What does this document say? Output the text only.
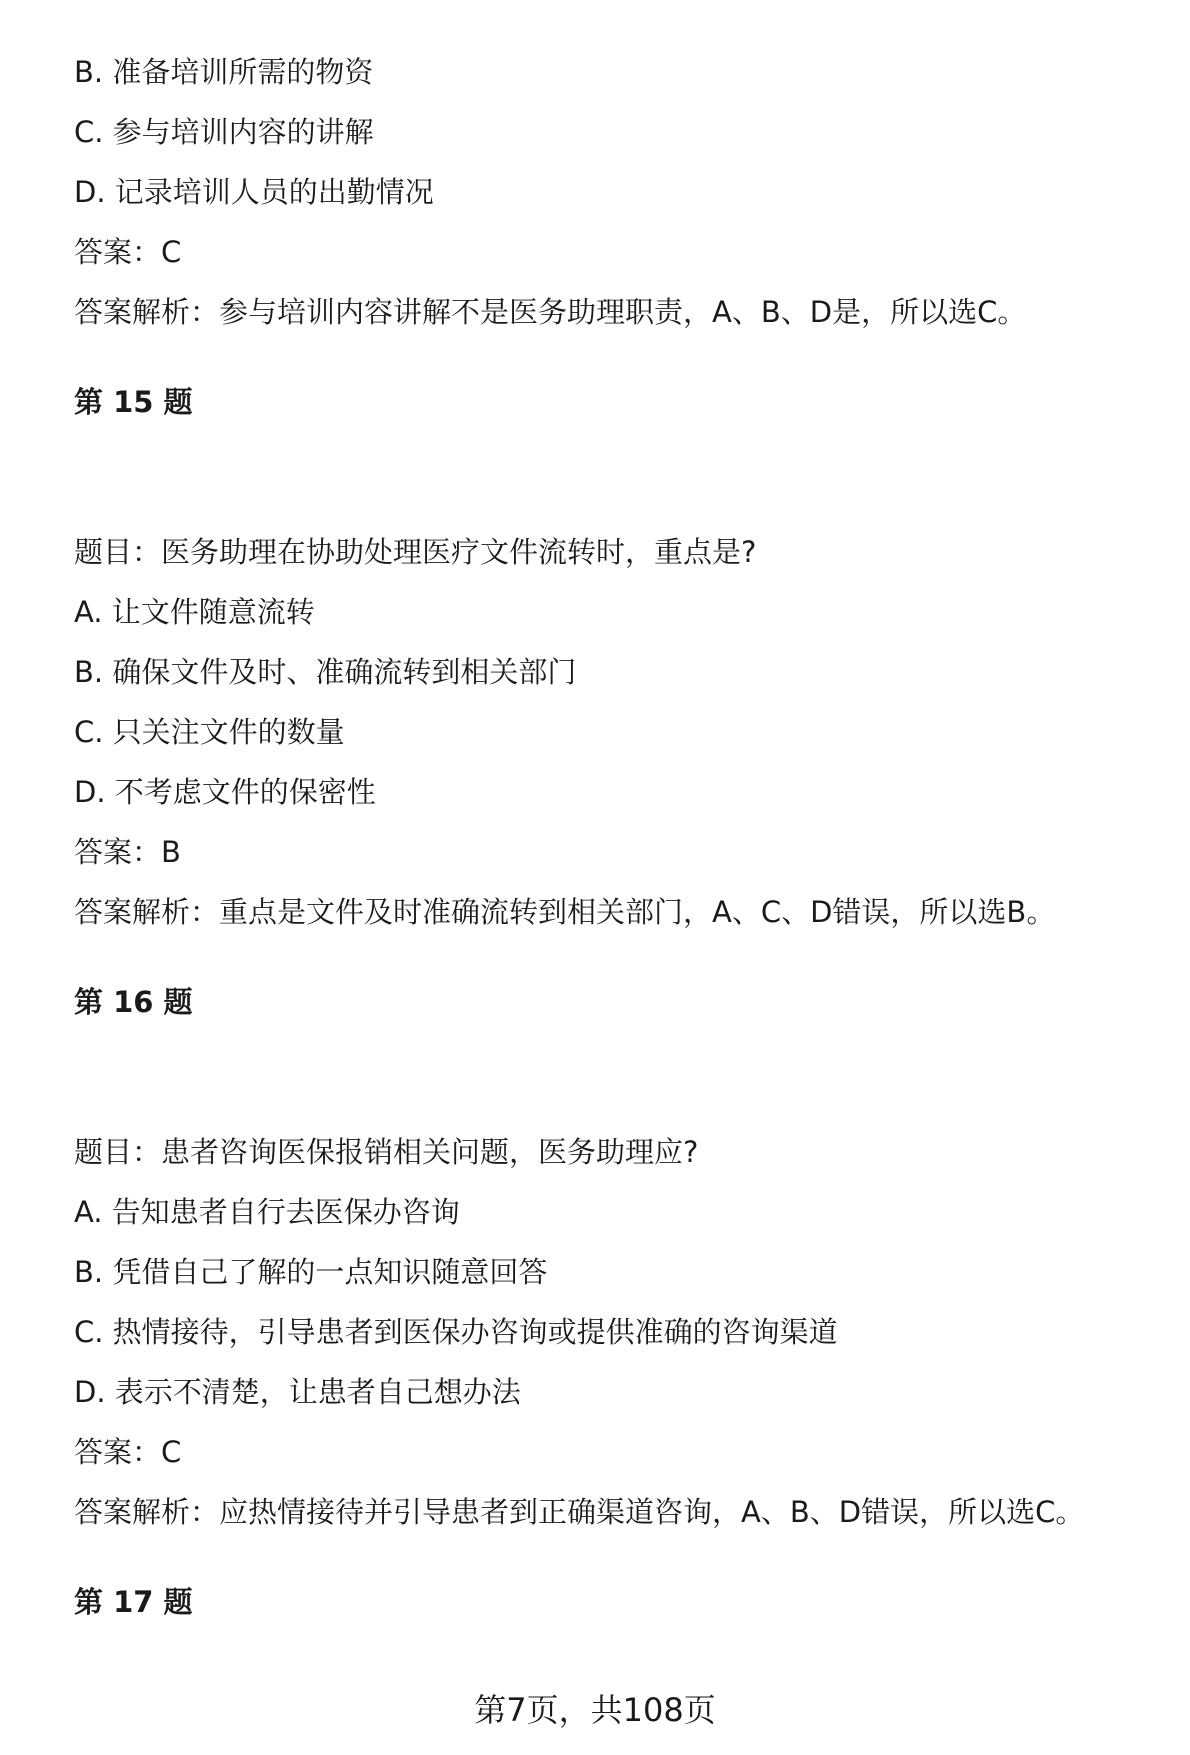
B. 准备培训所需的物资
C. 参与培训内容的讲解
D. 记录培训人员的出勤情况
答案：C
答案解析：参与培训内容讲解不是医务助理职责，A、B、D是，所以选C。
第 15 题
题目：医务助理在协助处理医疗文件流转时，重点是?
A. 让文件随意流转
B. 确保文件及时、准确流转到相关部门
C. 只关注文件的数量
D. 不考虑文件的保密性
答案：B
答案解析：重点是文件及时准确流转到相关部门，A、C、D错误，所以选B。
第 16 题
题目：患者咨询医保报销相关问题，医务助理应?
A. 告知患者自行去医保办咨询
B. 凭借自己了解的一点知识随意回答
C. 热情接待，引导患者到医保办咨询或提供准确的咨询渠道
D. 表示不清楚，让患者自己想办法
答案：C
答案解析：应热情接待并引导患者到正确渠道咨询，A、B、D错误，所以选C。
第 17 题
第7页，共108页
